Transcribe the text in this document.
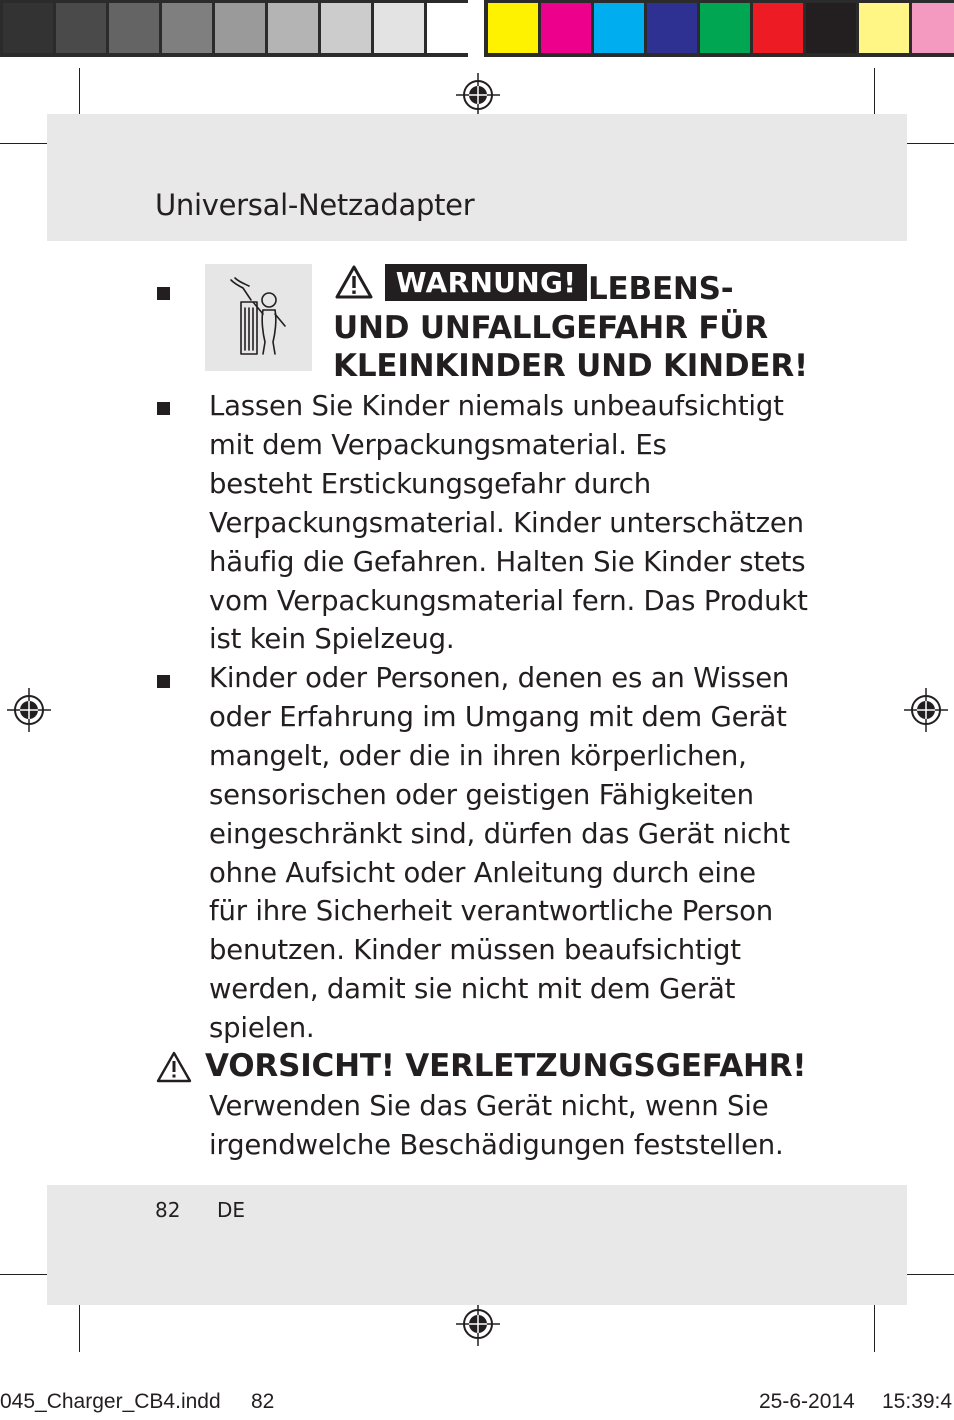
Universal-Netzadapter
WARNUNG! LEBENS-
UND UNFALLGEFAHR FÜR
KLEINKINDER UND KINDER!
Lassen Sie Kinder niemals unbeaufsichtigt
mit dem Verpackungsmaterial. Es
besteht Erstickungsgefahr durch
Verpackungsmaterial. Kinder unterschätzen
häufig die Gefahren. Halten Sie Kinder stets
vom Verpackungsmaterial fern. Das Produkt
ist kein Spielzeug.
Kinder oder Personen, denen es an Wissen
oder Erfahrung im Umgang mit dem Gerät
mangelt, oder die in ihren körperlichen,
sensorischen oder geistigen Fähigkeiten
eingeschränkt sind, dürfen das Gerät nicht
ohne Aufsicht oder Anleitung durch eine
für ihre Sicherheit verantwortliche Person
benutzen. Kinder müssen beaufsichtigt
werden, damit sie nicht mit dem Gerät
spielen.
VORSICHT! VERLETZUNGSGEFAHR!
Verwenden Sie das Gerät nicht, wenn Sie
irgendwelche Beschädigungen feststellen.
82 DE
045_Charger_CB4.indd 82	25-6-2014 15:39:4
